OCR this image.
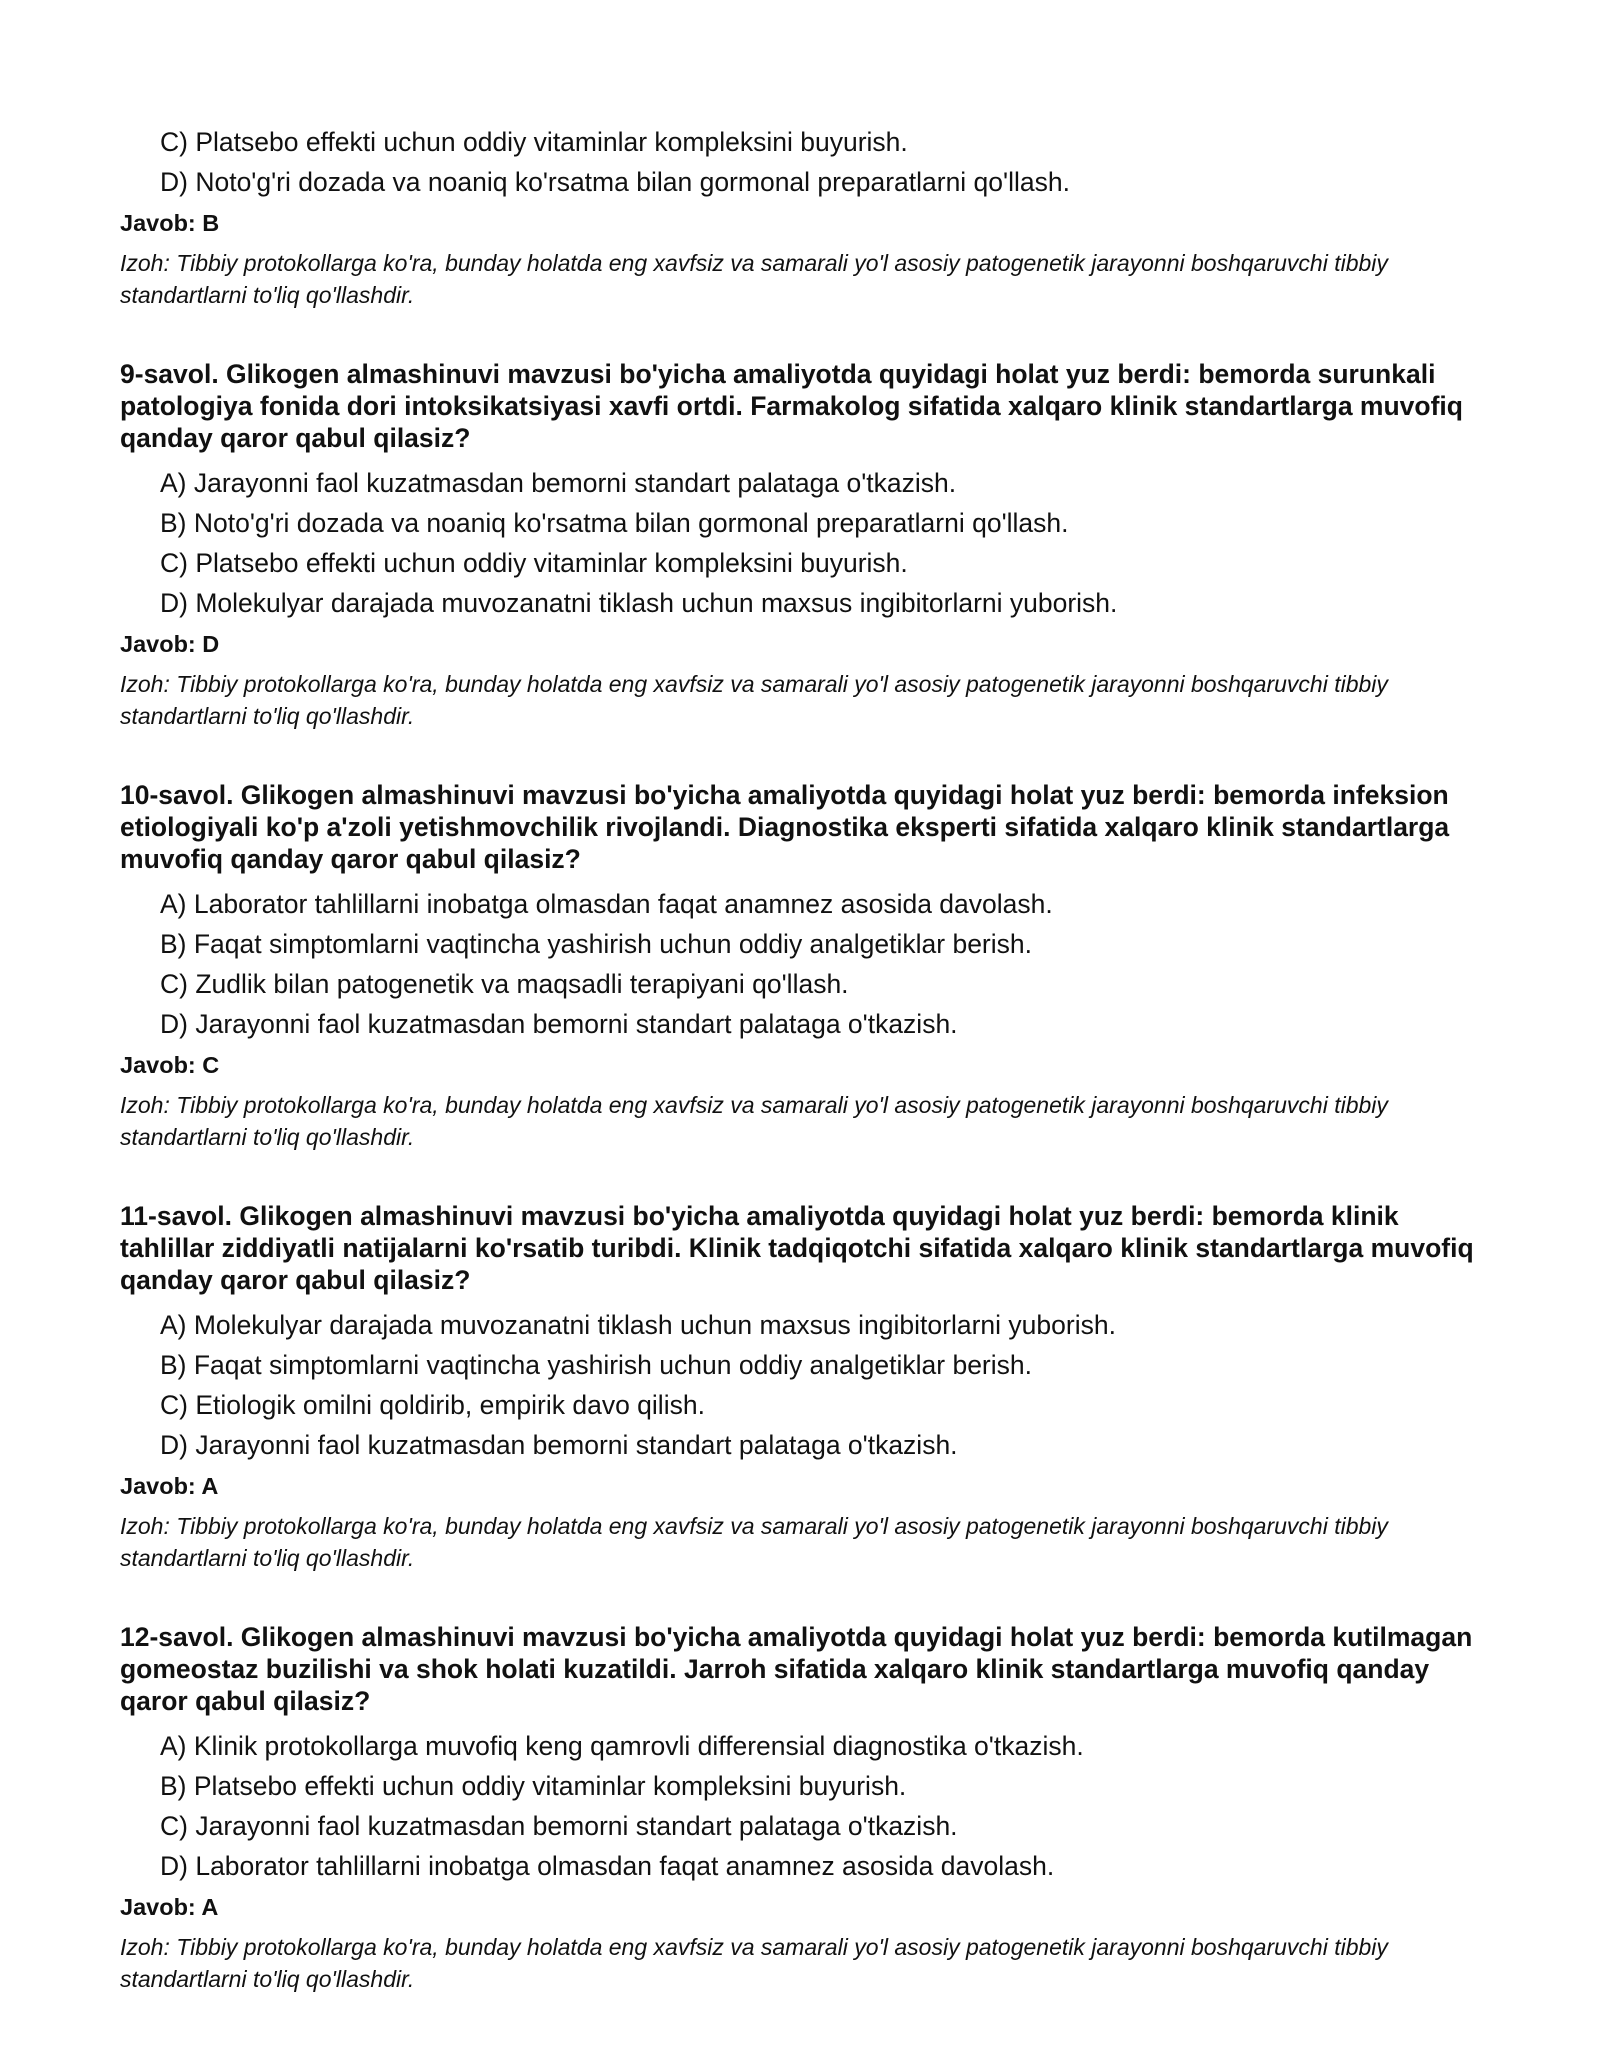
C) Platsebo effekti uchun oddiy vitaminlar kompleksini buyurish.
D) Noto'g'ri dozada va noaniq ko'rsatma bilan gormonal preparatlarni qo'llash.
Javob: B
Izoh: Tibbiy protokollarga ko'ra, bunday holatda eng xavfsiz va samarali yo'l asosiy patogenetik jarayonni boshqaruvchi tibbiy standartlarni to'liq qo'llashdir.
9-savol. Glikogen almashinuvi mavzusi bo'yicha amaliyotda quyidagi holat yuz berdi: bemorda surunkali patologiya fonida dori intoksikatsiyasi xavfi ortdi. Farmakolog sifatida xalqaro klinik standartlarga muvofiq qanday qaror qabul qilasiz?
A) Jarayonni faol kuzatmasdan bemorni standart palataga o'tkazish.
B) Noto'g'ri dozada va noaniq ko'rsatma bilan gormonal preparatlarni qo'llash.
C) Platsebo effekti uchun oddiy vitaminlar kompleksini buyurish.
D) Molekulyar darajada muvozanatni tiklash uchun maxsus ingibitorlarni yuborish.
Javob: D
Izoh: Tibbiy protokollarga ko'ra, bunday holatda eng xavfsiz va samarali yo'l asosiy patogenetik jarayonni boshqaruvchi tibbiy standartlarni to'liq qo'llashdir.
10-savol. Glikogen almashinuvi mavzusi bo'yicha amaliyotda quyidagi holat yuz berdi: bemorda infeksion etiologiyali ko'p a'zoli yetishmovchilik rivojlandi. Diagnostika eksperti sifatida xalqaro klinik standartlarga muvofiq qanday qaror qabul qilasiz?
A) Laborator tahlillarni inobatga olmasdan faqat anamnez asosida davolash.
B) Faqat simptomlarni vaqtincha yashirish uchun oddiy analgetiklar berish.
C) Zudlik bilan patogenetik va maqsadli terapiyani qo'llash.
D) Jarayonni faol kuzatmasdan bemorni standart palataga o'tkazish.
Javob: C
Izoh: Tibbiy protokollarga ko'ra, bunday holatda eng xavfsiz va samarali yo'l asosiy patogenetik jarayonni boshqaruvchi tibbiy standartlarni to'liq qo'llashdir.
11-savol. Glikogen almashinuvi mavzusi bo'yicha amaliyotda quyidagi holat yuz berdi: bemorda klinik tahlillar ziddiyatli natijalarni ko'rsatib turibdi. Klinik tadqiqotchi sifatida xalqaro klinik standartlarga muvofiq qanday qaror qabul qilasiz?
A) Molekulyar darajada muvozanatni tiklash uchun maxsus ingibitorlarni yuborish.
B) Faqat simptomlarni vaqtincha yashirish uchun oddiy analgetiklar berish.
C) Etiologik omilni qoldirib, empirik davo qilish.
D) Jarayonni faol kuzatmasdan bemorni standart palataga o'tkazish.
Javob: A
Izoh: Tibbiy protokollarga ko'ra, bunday holatda eng xavfsiz va samarali yo'l asosiy patogenetik jarayonni boshqaruvchi tibbiy standartlarni to'liq qo'llashdir.
12-savol. Glikogen almashinuvi mavzusi bo'yicha amaliyotda quyidagi holat yuz berdi: bemorda kutilmagan gomeostaz buzilishi va shok holati kuzatildi. Jarroh sifatida xalqaro klinik standartlarga muvofiq qanday qaror qabul qilasiz?
A) Klinik protokollarga muvofiq keng qamrovli differensial diagnostika o'tkazish.
B) Platsebo effekti uchun oddiy vitaminlar kompleksini buyurish.
C) Jarayonni faol kuzatmasdan bemorni standart palataga o'tkazish.
D) Laborator tahlillarni inobatga olmasdan faqat anamnez asosida davolash.
Javob: A
Izoh: Tibbiy protokollarga ko'ra, bunday holatda eng xavfsiz va samarali yo'l asosiy patogenetik jarayonni boshqaruvchi tibbiy standartlarni to'liq qo'llashdir.
